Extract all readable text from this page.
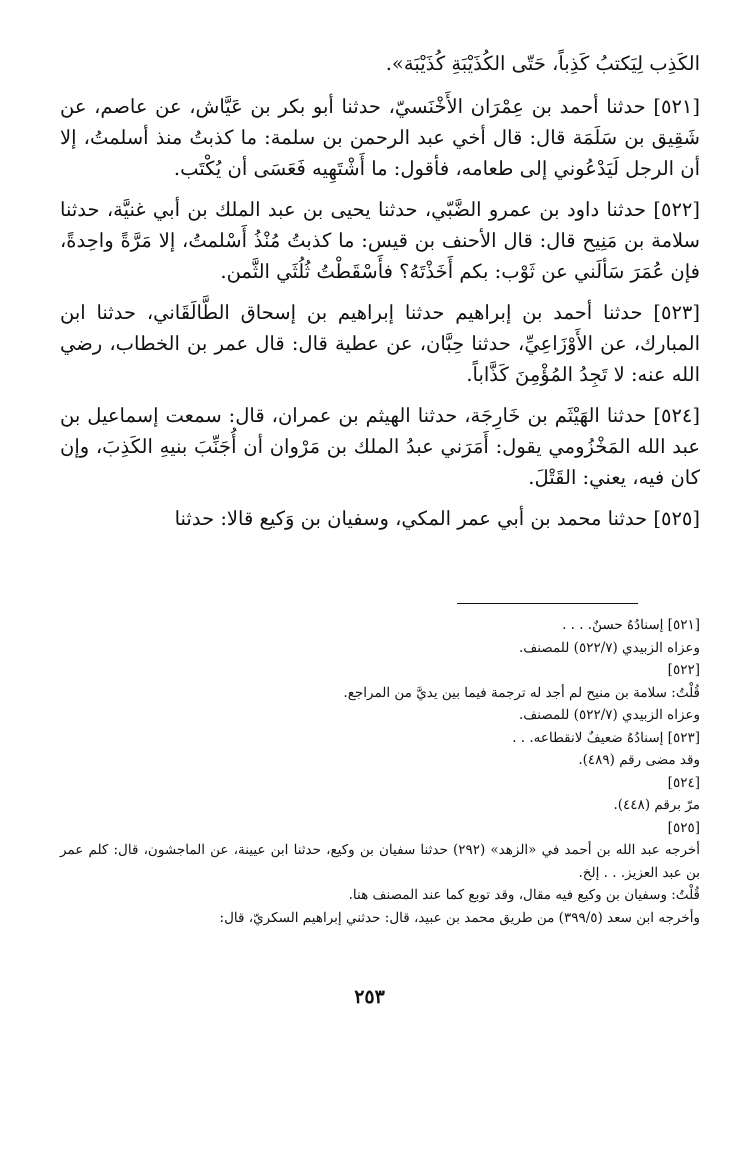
الكَذِب لِيَكتبُ كَذِباً، حَتّى الكُذَيْبَةِ كُذَيْبَة».

[٥٢١] حدثنا أحمد بن عِمْرَان الأَخْنَسيّ، حدثنا أبو بكر بن عَيَّاش، عن عاصم، عن شَقِيق بن سَلَمَة قال: قال أخي عبد الرحمن بن سلمة: ما كذبتُ منذ أسلمتُ، إلا أن الرجل لَيَدْعُوني إلى طعامه، فأقول: ما أَشْتَهِيه فَعَسَى أن يُكْتَب.

[٥٢٢] حدثنا داود بن عمرو الضَّبّي، حدثنا يحيى بن عبد الملك بن أبي غنيَّة، حدثنا سلامة بن مَنِيح قال: قال الأحنف بن قيس: ما كذبتُ مُنْذُ أَسْلمتُ، إلا مَرَّةً واحِدةً، فإن عُمَرَ سَألَني عن ثَوْب: بكم أَخَذْتَهُ؟ فأَسْقَطْتُ ثُلُثَي الثَّمن.

[٥٢٣] حدثنا أحمد بن إبراهيم حدثنا إبراهيم بن إسحاق الطَّالَقَاني، حدثنا ابن المبارك، عن الأَوْزَاعِيِّ، حدثنا حِبَّان، عن عطية قال: قال عمر بن الخطاب، رضي الله عنه: لا تَجِدُ المُؤْمِنَ كَذَّاباً.

[٥٢٤] حدثنا الهَيْثَم بن خَارِجَة، حدثنا الهيثم بن عمران، قال: سمعت إسماعيل بن عبد الله المَخْزُومي يقول: أَمَرَني عبدُ الملك بن مَرْوان أن أُجَنِّبَ بنيهِ الكَذِبَ، وإن كان فيه، يعني: القَتْلَ.

[٥٢٥] حدثنا محمد بن أبي عمر المكي، وسفيان بن وَكيع قالا: حدثنا

[٥٢١] إسنادُهُ حسنٌ. . . .

وعزاه الزبيدي (٥٢٢/٧) للمصنف.

[٥٢٢]

قُلْتُ: سلامة بن منيح لم أجد له ترجمة فيما بين يديَّ من المراجع.

وعزاه الزبيدي (٥٢٢/٧) للمصنف.

[٥٢٣] إسنادُهُ ضعيفٌ لانقطاعه. . .

وقد مضى رقم (٤٨٩).

[٥٢٤]

مرّ برقم (٤٤٨).

[٥٢٥]

أخرجه عبد الله بن أحمد في «الزهد» (٢٩٢) حدثنا سفيان بن وكيع، حدثنا ابن عيينة، عن الماجشون، قال: كلم عمر بن عبد العزيز. . . إلخ.

قُلْتُ: وسفيان بن وكيع فيه مقال، وقد توبع كما عند المصنف هنا.

وأخرجه ابن سعد (٣٩٩/٥) من طريق محمد بن عبيد، قال: حدثني إبراهيم السكريّ، قال:

٢٥٣
